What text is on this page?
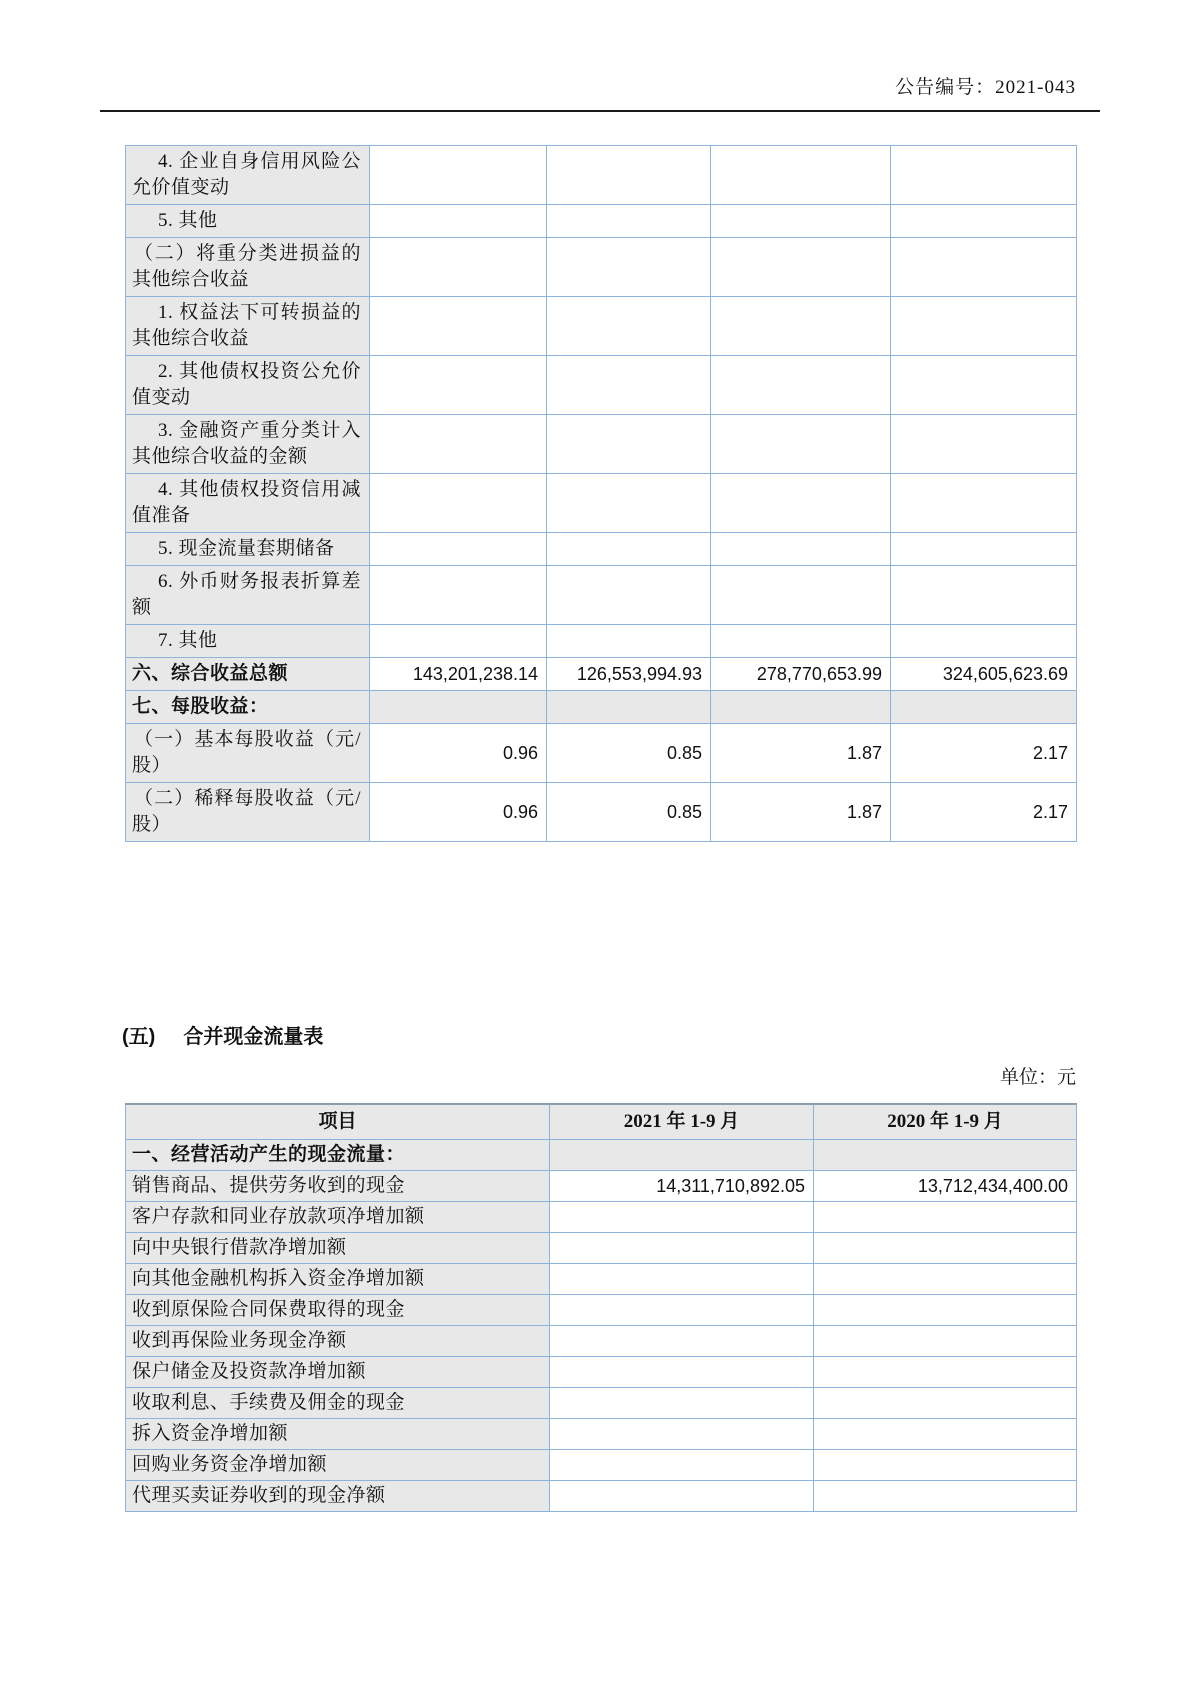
公告编号：2021-043
4. 企业自身信用风险公允价值变动				
5. 其他				
（二）将重分类进损益的其他综合收益				
1. 权益法下可转损益的其他综合收益				
2. 其他债权投资公允价值变动				
3. 金融资产重分类计入其他综合收益的金额				
4. 其他债权投资信用减值准备				
5. 现金流量套期储备				
6. 外币财务报表折算差额				
7. 其他				
六、综合收益总额	143,201,238.14	126,553,994.93	278,770,653.99	324,605,623.69
七、每股收益：				
（一）基本每股收益（元/股）	0.96	0.85	1.87	2.17
（二）稀释每股收益（元/股）	0.96	0.85	1.87	2.17
(五) 合并现金流量表
单位：元
项目	2021 年 1-9 月	2020 年 1-9 月
一、经营活动产生的现金流量：		
销售商品、提供劳务收到的现金	14,311,710,892.05	13,712,434,400.00
客户存款和同业存放款项净增加额		
向中央银行借款净增加额		
向其他金融机构拆入资金净增加额		
收到原保险合同保费取得的现金		
收到再保险业务现金净额		
保户储金及投资款净增加额		
收取利息、手续费及佣金的现金		
拆入资金净增加额		
回购业务资金净增加额		
代理买卖证券收到的现金净额		
